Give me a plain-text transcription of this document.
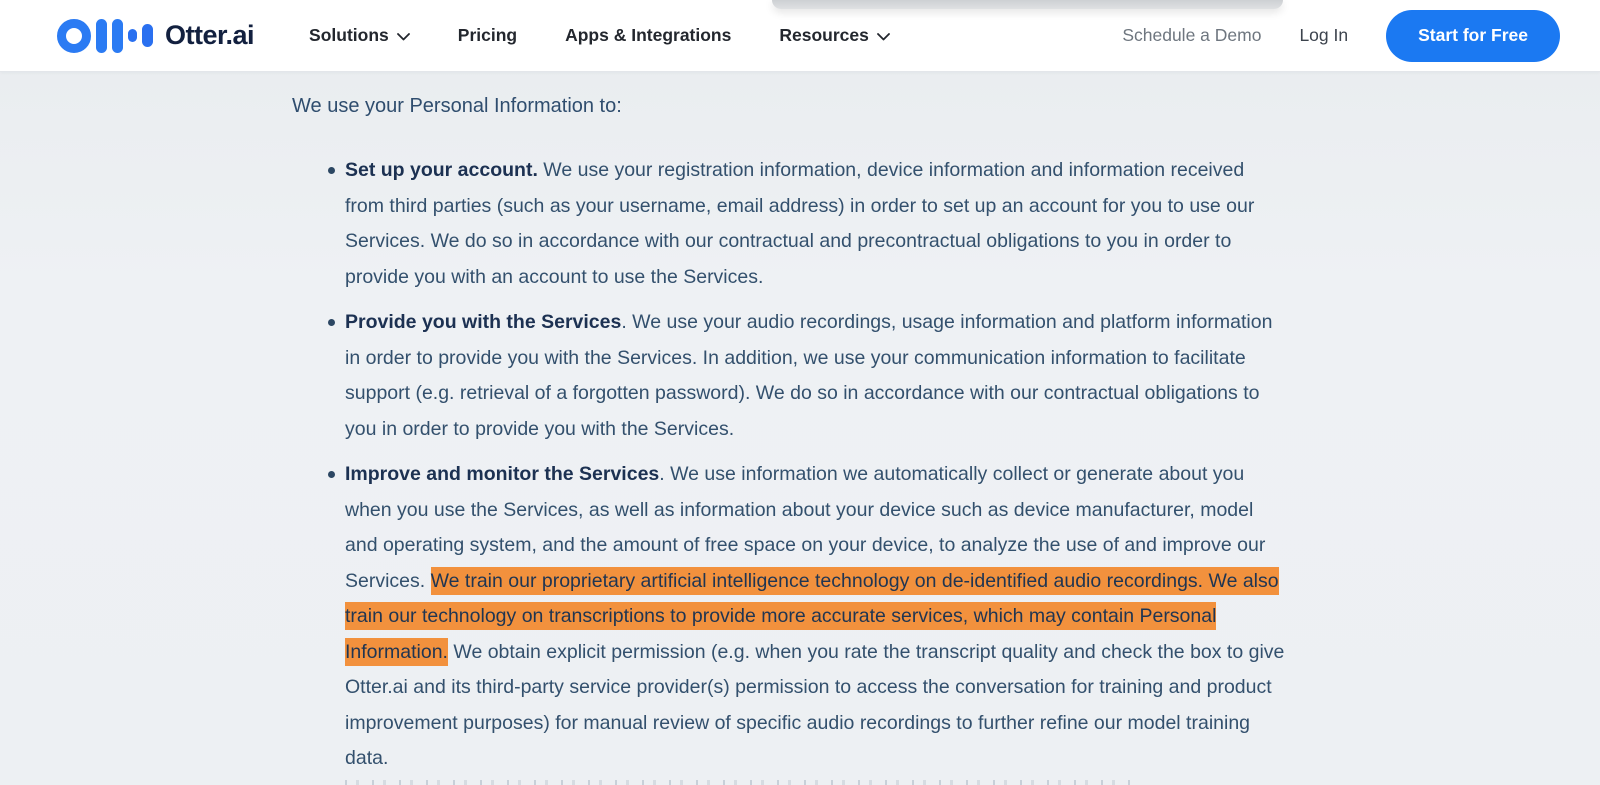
Otter.ai	Solutions	Pricing	Apps & Integrations	Resources	Schedule a Demo Log In	Start for Free

We use your Personal Information to:

Set up your account. We use your registration information, device information and information received from third parties (such as your username, email address) in order to set up an account for you to use our Services. We do so in accordance with our contractual and precontractual obligations to you in order to provide you with an account to use the Services.
Provide you with the Services. We use your audio recordings, usage information and platform information in order to provide you with the Services. In addition, we use your communication information to facilitate support (e.g. retrieval of a forgotten password). We do so in accordance with our contractual obligations to you in order to provide you with the Services.
Improve and monitor the Services. We use information we automatically collect or generate about you when you use the Services, as well as information about your device such as device manufacturer, model and operating system, and the amount of free space on your device, to analyze the use of and improve our Services. We train our proprietary artificial intelligence technology on de-identified audio recordings. We also train our technology on transcriptions to provide more accurate services, which may contain Personal Information. We obtain explicit permission (e.g. when you rate the transcript quality and check the box to give Otter.ai and its third-party service provider(s) permission to access the conversation for training and product improvement purposes) for manual review of specific audio recordings to further refine our model training data.
